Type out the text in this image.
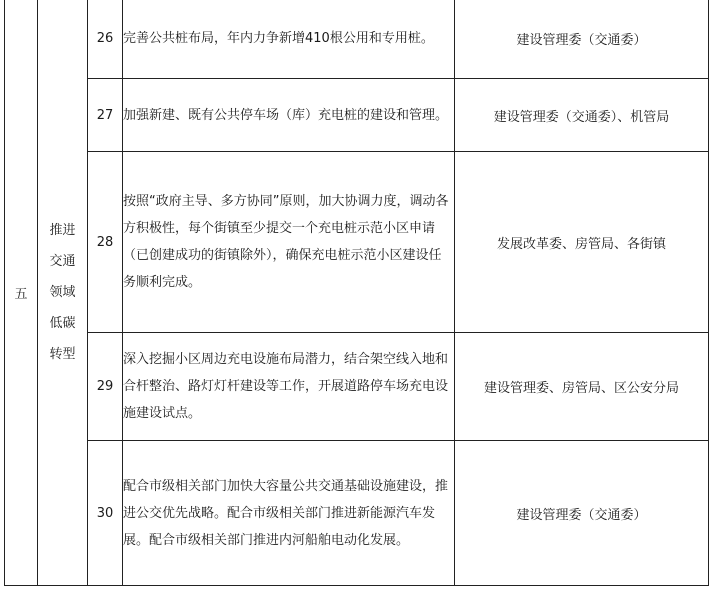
五	推进交通领域低碳转型	26	完善公共桩布局，年内力争新增410根公用和专用桩。	建设管理委（交通委）
		27	加强新建、既有公共停车场（库）充电桩的建设和管理。	建设管理委（交通委）、机管局
		28	按照“政府主导、多方协同”原则，加大协调力度，调动各方积极性，每个街镇至少提交一个充电桩示范小区申请（已创建成功的街镇除外），确保充电桩示范小区建设任务顺利完成。	发展改革委、房管局、各街镇
		29	深入挖掘小区周边充电设施布局潜力，结合架空线入地和合杆整治、路灯灯杆建设等工作，开展道路停车场充电设施建设试点。	建设管理委、房管局、区公安分局
		30	配合市级相关部门加快大容量公共交通基础设施建设，推进公交优先战略。配合市级相关部门推进新能源汽车发展。配合市级相关部门推进内河船舶电动化发展。	建设管理委（交通委）
